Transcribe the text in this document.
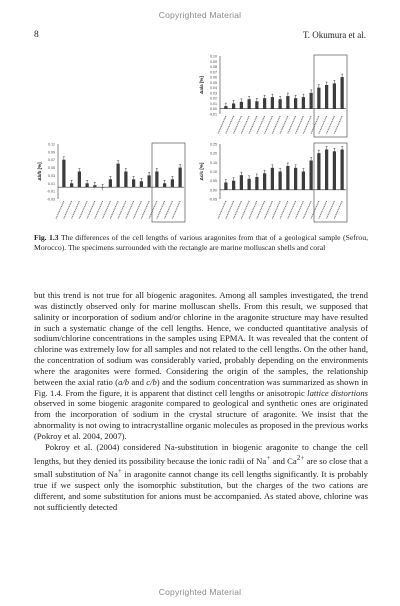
Copyrighted Material
8	T. Okumura et al.
0.10
0.09
0.08
0.07
0.06
0.05
0.04
0.03
0.02
0.01
0.00
-0.01
Δa/a [%]
0.11
0.09
0.07
0.05
0.03
0.01
-0.01
-0.03
Δb/b [%]
0.25
0.20
0.15
0.10
0.05
0.00
-0.05
Δc/c [%]
Fig. 1.3 The differences of the cell lengths of various aragonites from that of a geological sample (Sefrou, Morocco). The specimens surrounded with the rectangle are marine molluscan shells and coral

but this trend is not true for all biogenic aragonites. Among all samples investigated, the trend was distinctly observed only for marine molluscan shells. From this result, we supposed that salinity or incorporation of sodium and/or chlorine in the aragonite structure may have resulted in such a systematic change of the cell lengths. Hence, we conducted quantitative analysis of sodium/chlorine concentrations in the samples using EPMA. It was revealed that the content of chlorine was extremely low for all samples and not related to the cell lengths. On the other hand, the concentration of sodium was considerably varied, probably depending on the environments where the aragonites were formed. Considering the origin of the samples, the relationship between the axial ratio (a/b and c/b) and the sodium concentration was summarized as shown in Fig. 1.4. From the figure, it is apparent that distinct cell lengths or anisotropic lattice distortions observed in some biogenic aragonite compared to geological and synthetic ones are originated from the incorporation of sodium in the crystal structure of aragonite. We insist that the abnormality is not owing to intracrystalline organic molecules as proposed in the previous works (Pokroy et al. 2004, 2007).

Pokroy et al. (2004) considered Na-substitution in biogenic aragonite to change the cell lengths, but they denied its possibility because the ionic radii of Na+ and $Ca^{2+}$ are so close that a small substitution of Na+ in aragonite cannot change its cell lengths significantly. It is probably true if we suspect only the isomorphic substitution, but the charges of the two cations are different, and some substitution for anions must be accompanied. As stated above, chlorine was not sufficiently detected

Copyrighted Material
